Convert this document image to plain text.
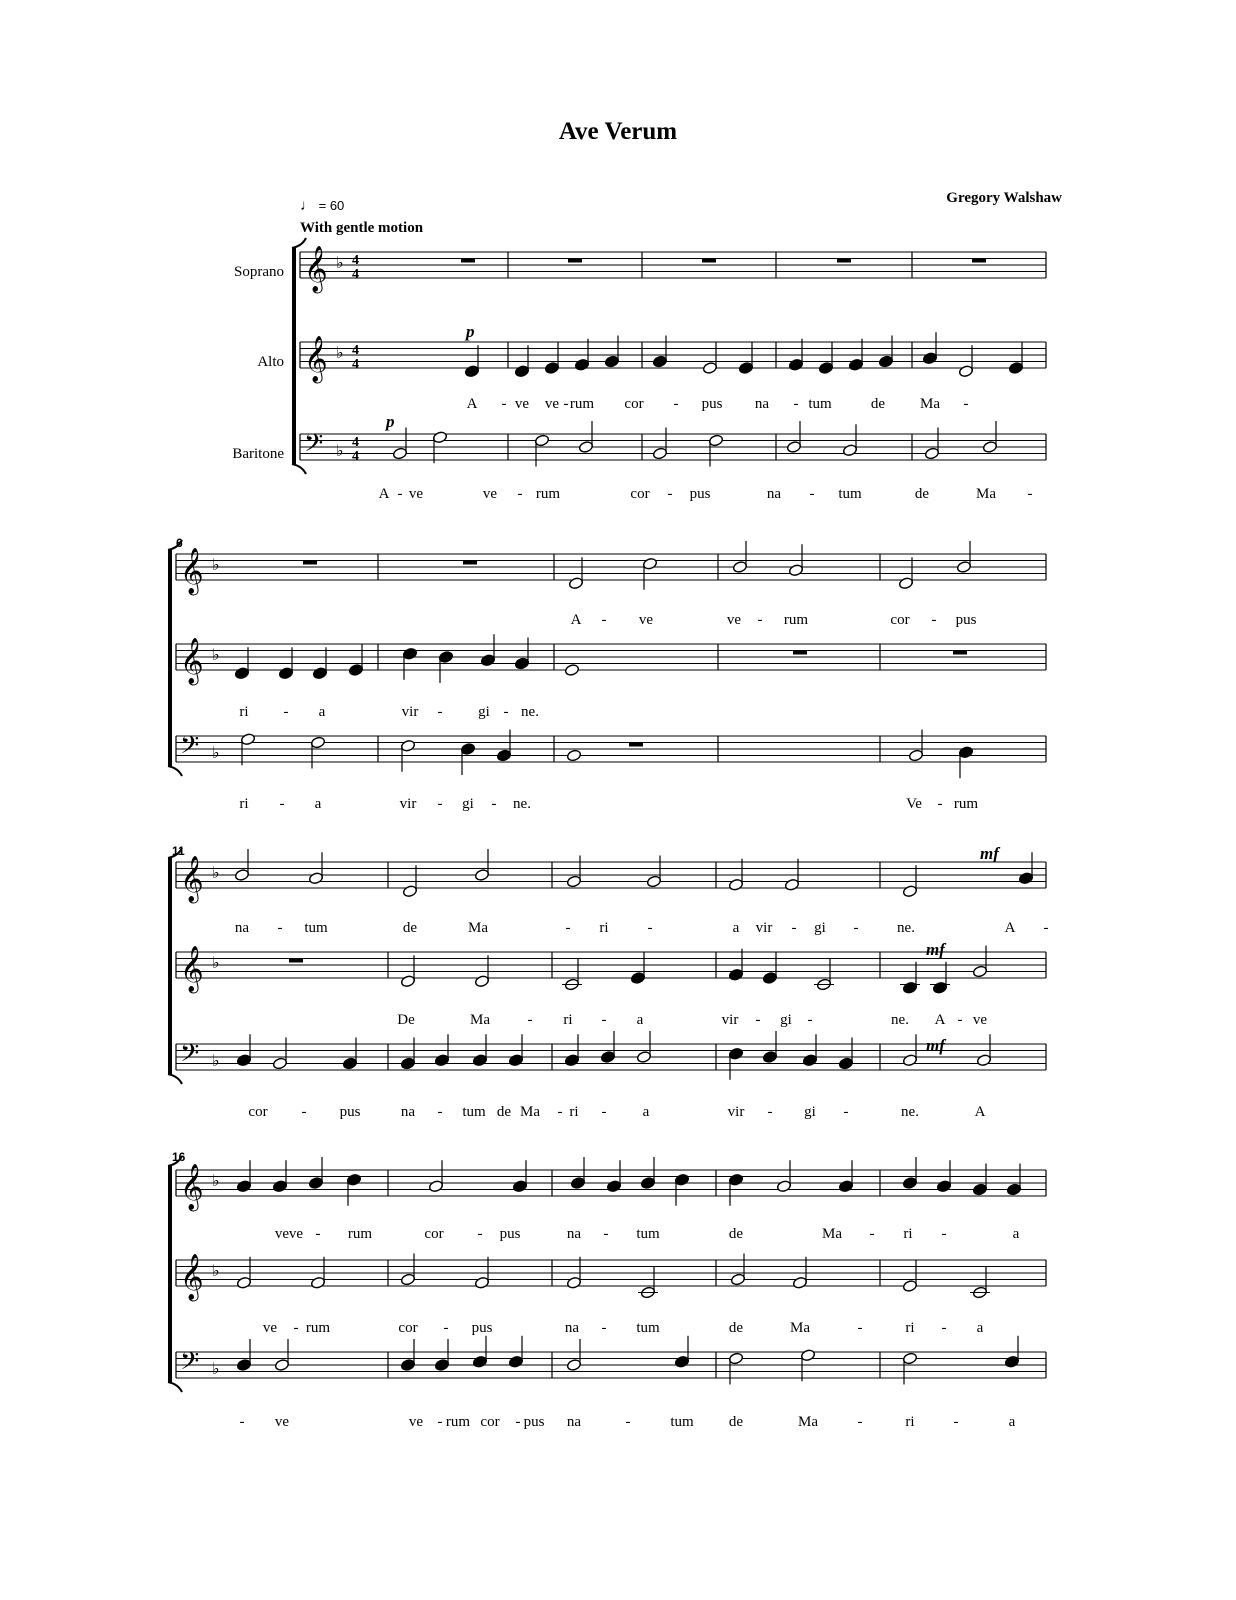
Ave Verum
Gregory Walshaw
♩ = 60
With gentle motion
Soprano
Alto
Baritone
6
11
16
p
p
mf
mf
mf
𝄞 ♭ 4
4
𝄞 ♭ 4
4
𝄢 ♭ 4
4
𝄞 ♭
𝄞 ♭
𝄢 ♭
𝄞 ♭
𝄞 ♭
𝄢 ♭
𝄞 ♭
𝄞 ♭
𝄢 ♭
A - ve ve - rum cor - pus na - tum	de Ma -
A - ve	ve - rum	cor - pus	na - tum	de	Ma -
A - ve	ve - rum	cor - pus
ri - a	vir - gi - ne.
ri - a	vir - gi - ne.	Ve - rum
na - tum	de	Ma	- ri	-	a vir - gi -	ne.	A -
De	Ma	- ri - a	vir - gi -	ne. A - ve
cor - pus	na - tum de Ma - ri - a	vir - gi -	ne.	A
ve ve - rum	cor - pus	na - tum	de	Ma - ri -	a
ve - rum	cor - pus	na - tum	de	Ma	-	ri - a
- ve	ve - rum cor - pus na	-	tum de	Ma	-	ri	-	a
